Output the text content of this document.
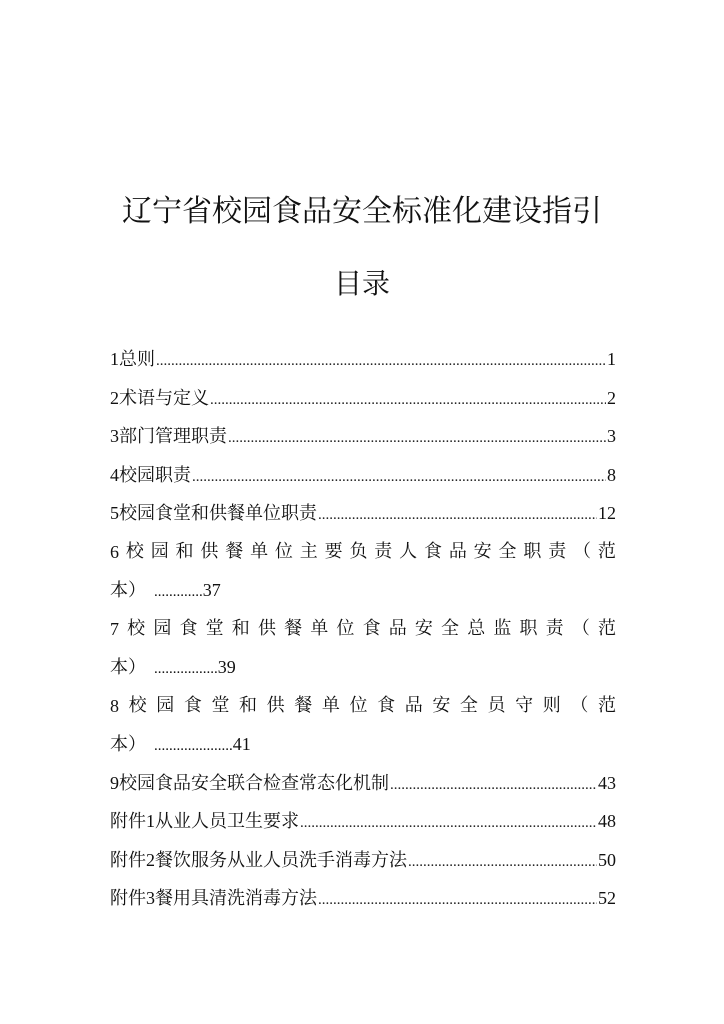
辽宁省校园食品安全标准化建设指引
目录
1 总则 .....	1
2 术语与定义 .....	2
3 部门管理职责 .....	3
4 校园职责 .....	8
5 校园食堂和供餐单位职责 .....	12
6 校 园 和 供 餐 单 位 主 要 负 责 人 食 品 安 全 职 责 （ 范
本） ............. 37
7 校 园 食 堂 和 供 餐 单 位 食 品 安 全 总 监 职 责 （ 范
本） ................. 39
8 校 园 食 堂 和 供 餐 单 位 食 品 安 全 员 守 则 （ 范
本） ..................... 41
9 校园食品安全联合检查常态化机制 .....	43
附件 1 从业人员卫生要求 .....	48
附件 2 餐饮服务从业人员洗手消毒方法 .....	50
附件 3 餐用具清洗消毒方法 .....	52
